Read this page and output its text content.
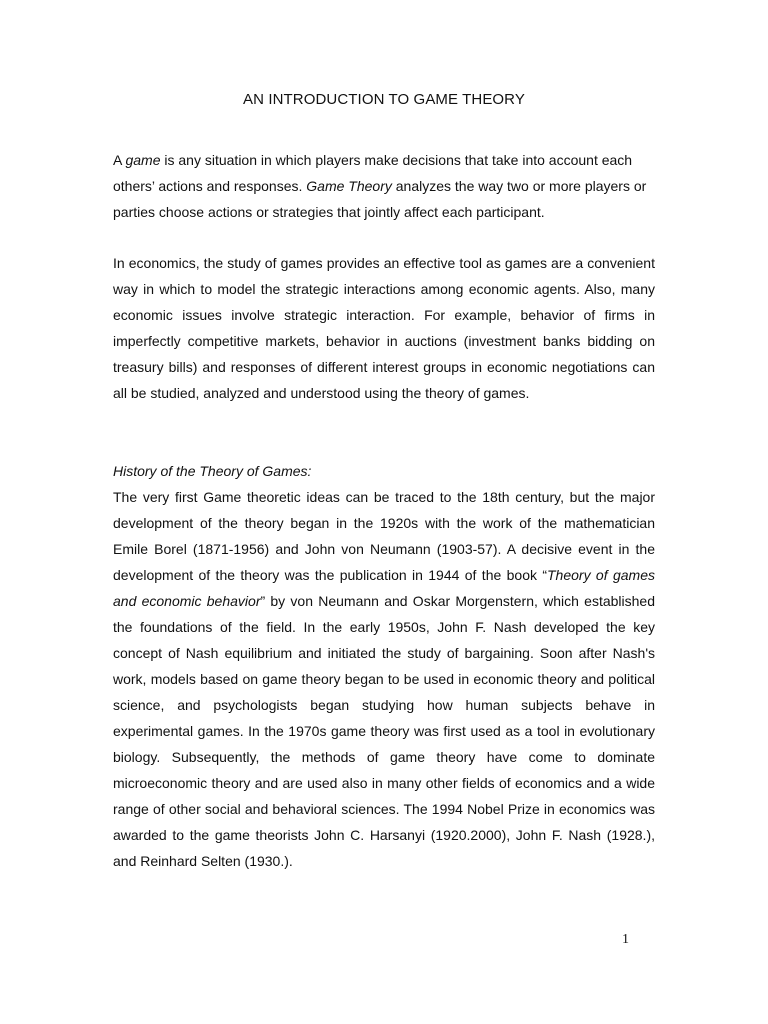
AN INTRODUCTION TO GAME THEORY

A game is any situation in which players make decisions that take into account each others’ actions and responses. Game Theory analyzes the way two or more players or parties choose actions or strategies that jointly affect each participant.

In economics, the study of games provides an effective tool as games are a convenient way in which to model the strategic interactions among economic agents. Also, many economic issues involve strategic interaction. For example, behavior of firms in imperfectly competitive markets, behavior in auctions (investment banks bidding on treasury bills) and responses of different interest groups in economic negotiations can all be studied, analyzed and understood using the theory of games.

History of the Theory of Games:

The very first Game theoretic ideas can be traced to the 18th century, but the major development of the theory began in the 1920s with the work of the mathematician Emile Borel (1871-1956) and John von Neumann (1903-57). A decisive event in the development of the theory was the publication in 1944 of the book “Theory of games and economic behavior” by von Neumann and Oskar Morgenstern, which established the foundations of the field. In the early 1950s, John F. Nash developed the key concept of Nash equilibrium and initiated the study of bargaining. Soon after Nash's work, models based on game theory began to be used in economic theory and political science, and psychologists began studying how human subjects behave in experimental games. In the 1970s game theory was first used as a tool in evolutionary biology. Subsequently, the methods of game theory have come to dominate microeconomic theory and are used also in many other fields of economics and a wide range of other social and behavioral sciences. The 1994 Nobel Prize in economics was awarded to the game theorists John C. Harsanyi (1920.2000), John F. Nash (1928.), and Reinhard Selten (1930.).

1
